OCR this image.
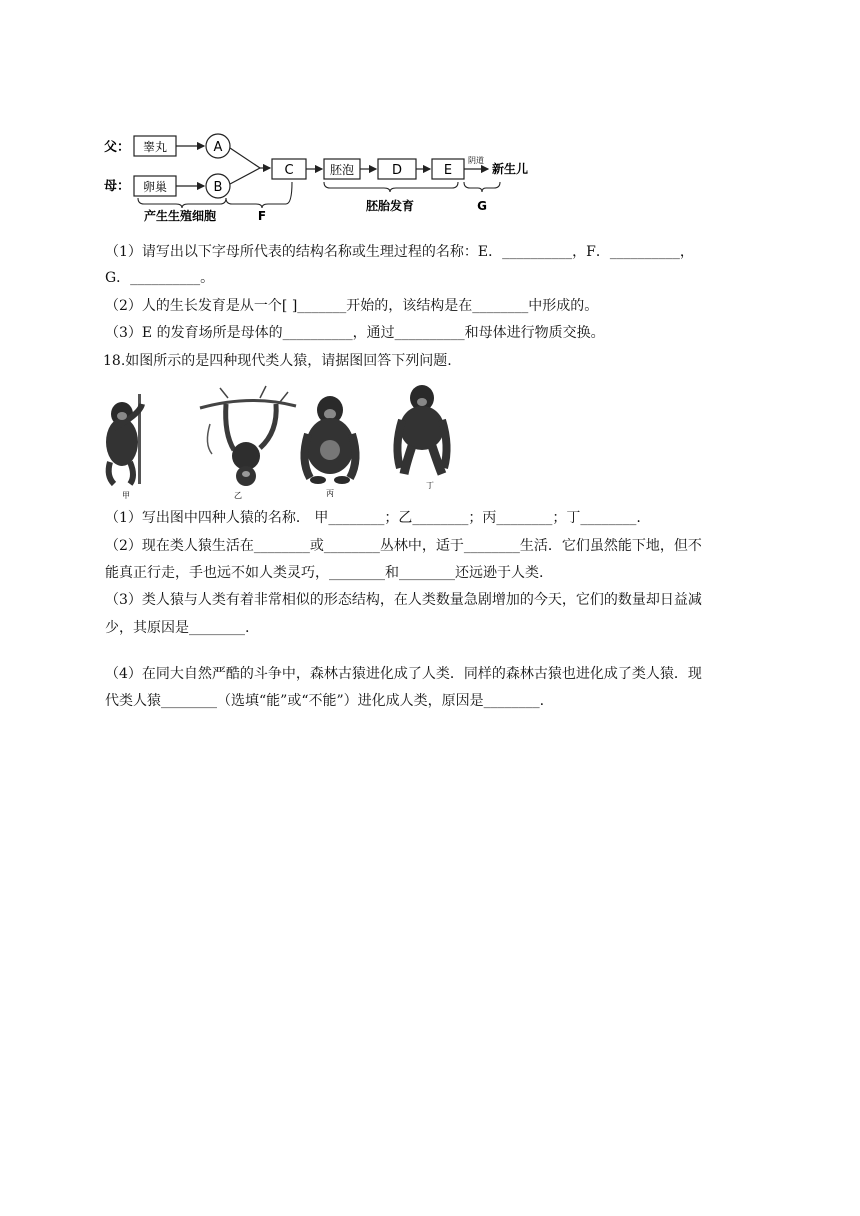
父：
母：
睾丸
卵巢
A
B
C	胚泡	D	E
阴道
新生儿
产生生殖细胞	F
胚胎发育	G
（1）请写出以下字母所代表的结构名称或生理过程的名称：E．__________，F．__________，
G．__________。
（2）人的生长发育是从一个[ ]_______开始的，该结构是在________中形成的。
（3）E 的发育场所是母体的__________，通过__________和母体进行物质交换。
18.如图所示的是四种现代类人猿，请据图回答下列问题.
甲	乙	丙
丁
（1）写出图中四种人猿的名称． 甲________；乙________；丙________；丁________.
（2）现在类人猿生活在________或________丛林中，适于________生活．它们虽然能下地，但不
能真正行走，手也远不如人类灵巧，________和________还远逊于人类.
（3）类人猿与人类有着非常相似的形态结构，在人类数量急剧增加的今天，它们的数量却日益减
少，其原因是________.
（4）在同大自然严酷的斗争中，森林古猿进化成了人类．同样的森林古猿也进化成了类人猿．现
代类人猿________（选填“能”或“不能”）进化成人类，原因是________.
